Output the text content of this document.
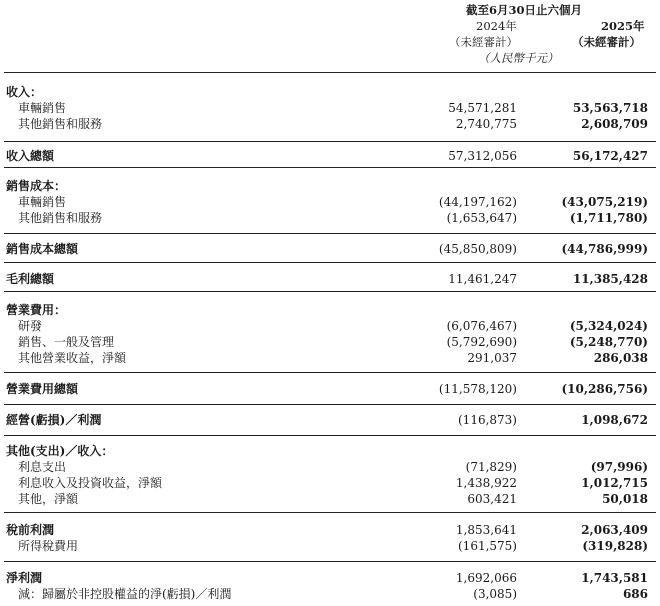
截至6月30日止六個月
2024年	2025年
（未經審計）	（未經審計）
（人民幣千元）
收入：
車輛銷售	54,571,281	53,563,718
其他銷售和服務	2,740,775	2,608,709
收入總額	57,312,056	56,172,427
銷售成本：
車輛銷售	(44,197,162)	(43,075,219)
其他銷售和服務	(1,653,647)	(1,711,780)
銷售成本總額	(45,850,809)	(44,786,999)
毛利總額	11,461,247	11,385,428
營業費用：
研發	(6,076,467)	(5,324,024)
銷售、一般及管理	(5,792,690)	(5,248,770)
其他營業收益，淨額	291,037	286,038
營業費用總額	(11,578,120)	(10,286,756)
經營(虧損)／利潤	(116,873)	1,098,672
其他(支出)／收入：
利息支出	(71,829)	(97,996)
利息收入及投資收益，淨額	1,438,922	1,012,715
其他，淨額	603,421	50,018
稅前利潤	1,853,641	2,063,409
所得稅費用	(161,575)	(319,828)
淨利潤	1,692,066	1,743,581
減：歸屬於非控股權益的淨(虧損)／利潤	(3,085)	686
